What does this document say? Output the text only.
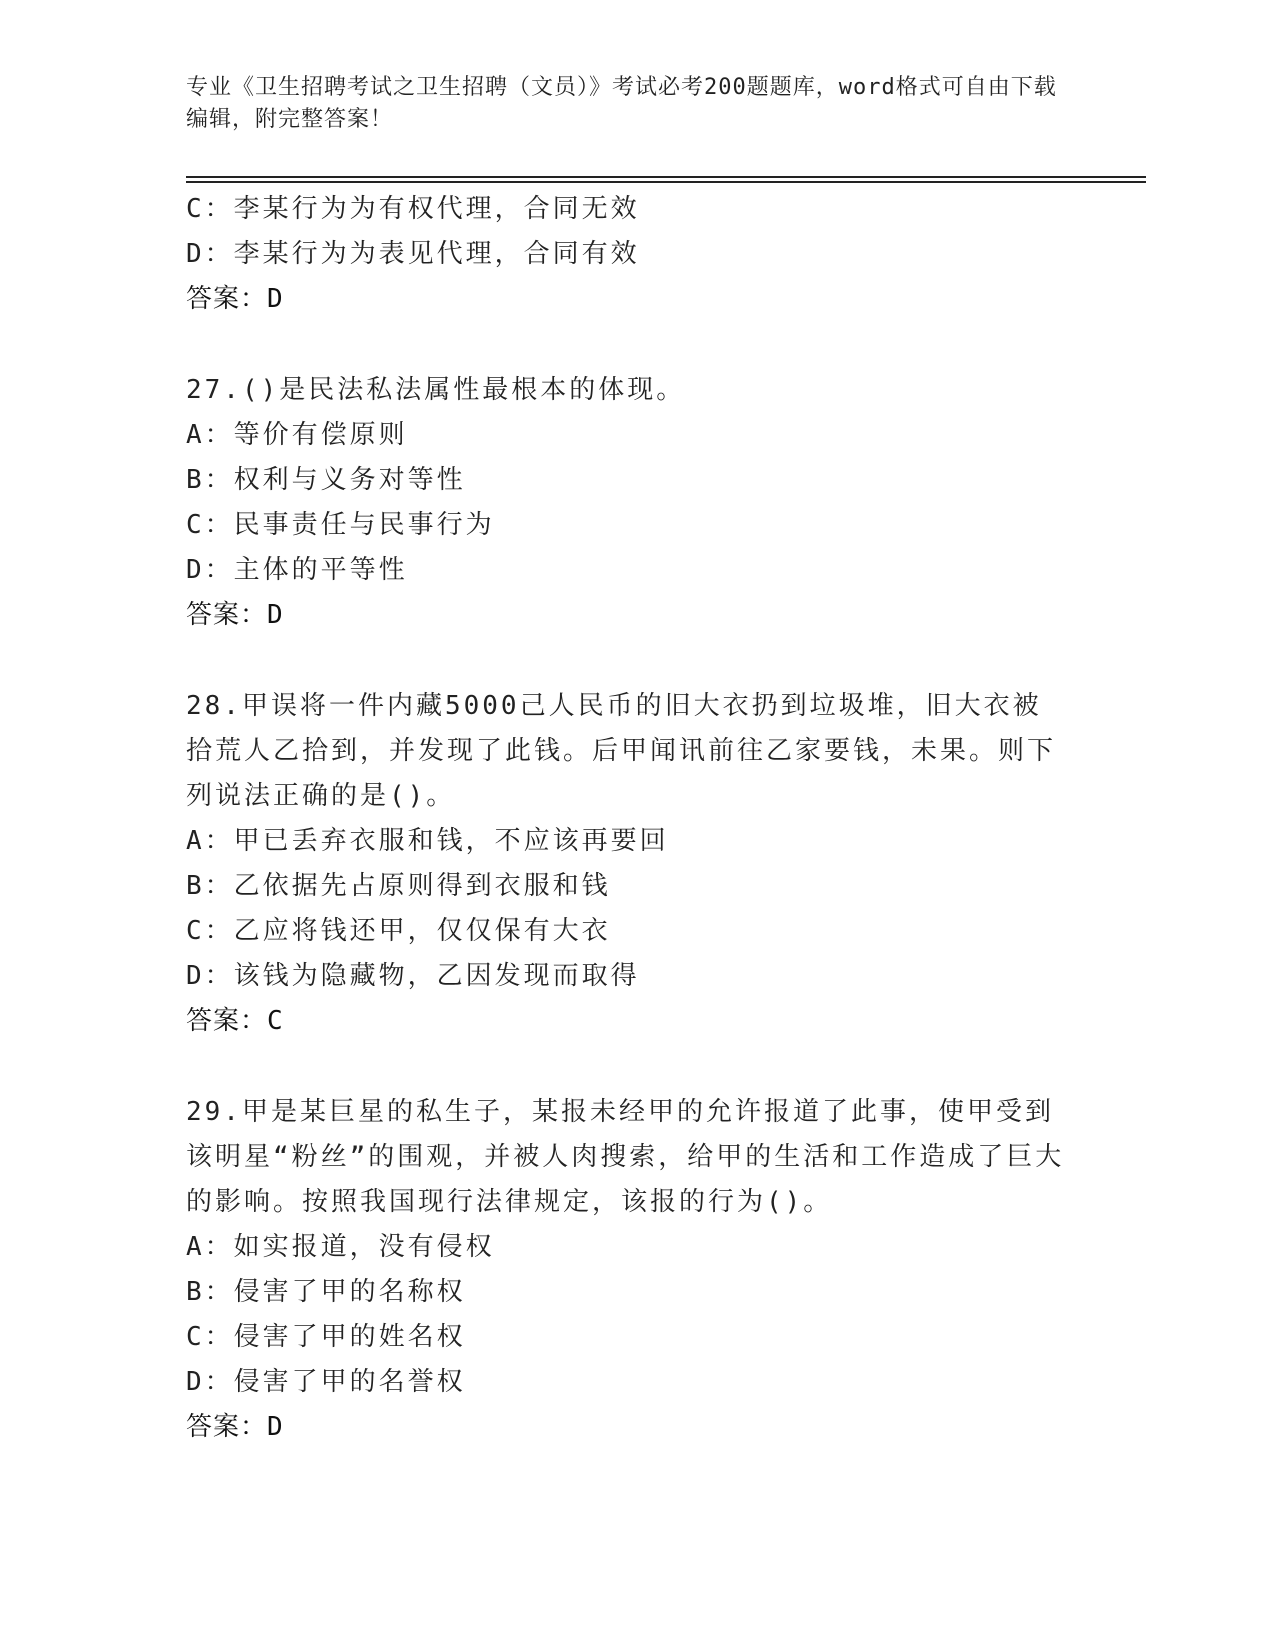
专业《卫生招聘考试之卫生招聘（文员）》考试必考200题题库，word格式可自由下载编辑，附完整答案！
C：李某行为为有权代理，合同无效
D：李某行为为表见代理，合同有效
答案：D
27.()是民法私法属性最根本的体现。
A：等价有偿原则
B：权利与义务对等性
C：民事责任与民事行为
D：主体的平等性
答案：D
28.甲误将一件内藏5000己人民币的旧大衣扔到垃圾堆，旧大衣被拾荒人乙拾到，并发现了此钱。后甲闻讯前往乙家要钱，未果。则下列说法正确的是()。
A：甲已丢弃衣服和钱，不应该再要回
B：乙依据先占原则得到衣服和钱
C：乙应将钱还甲，仅仅保有大衣
D：该钱为隐藏物，乙因发现而取得
答案：C
29.甲是某巨星的私生子，某报未经甲的允许报道了此事，使甲受到该明星“粉丝”的围观，并被人肉搜索，给甲的生活和工作造成了巨大的影响。按照我国现行法律规定，该报的行为()。
A：如实报道，没有侵权
B：侵害了甲的名称权
C：侵害了甲的姓名权
D：侵害了甲的名誉权
答案：D
